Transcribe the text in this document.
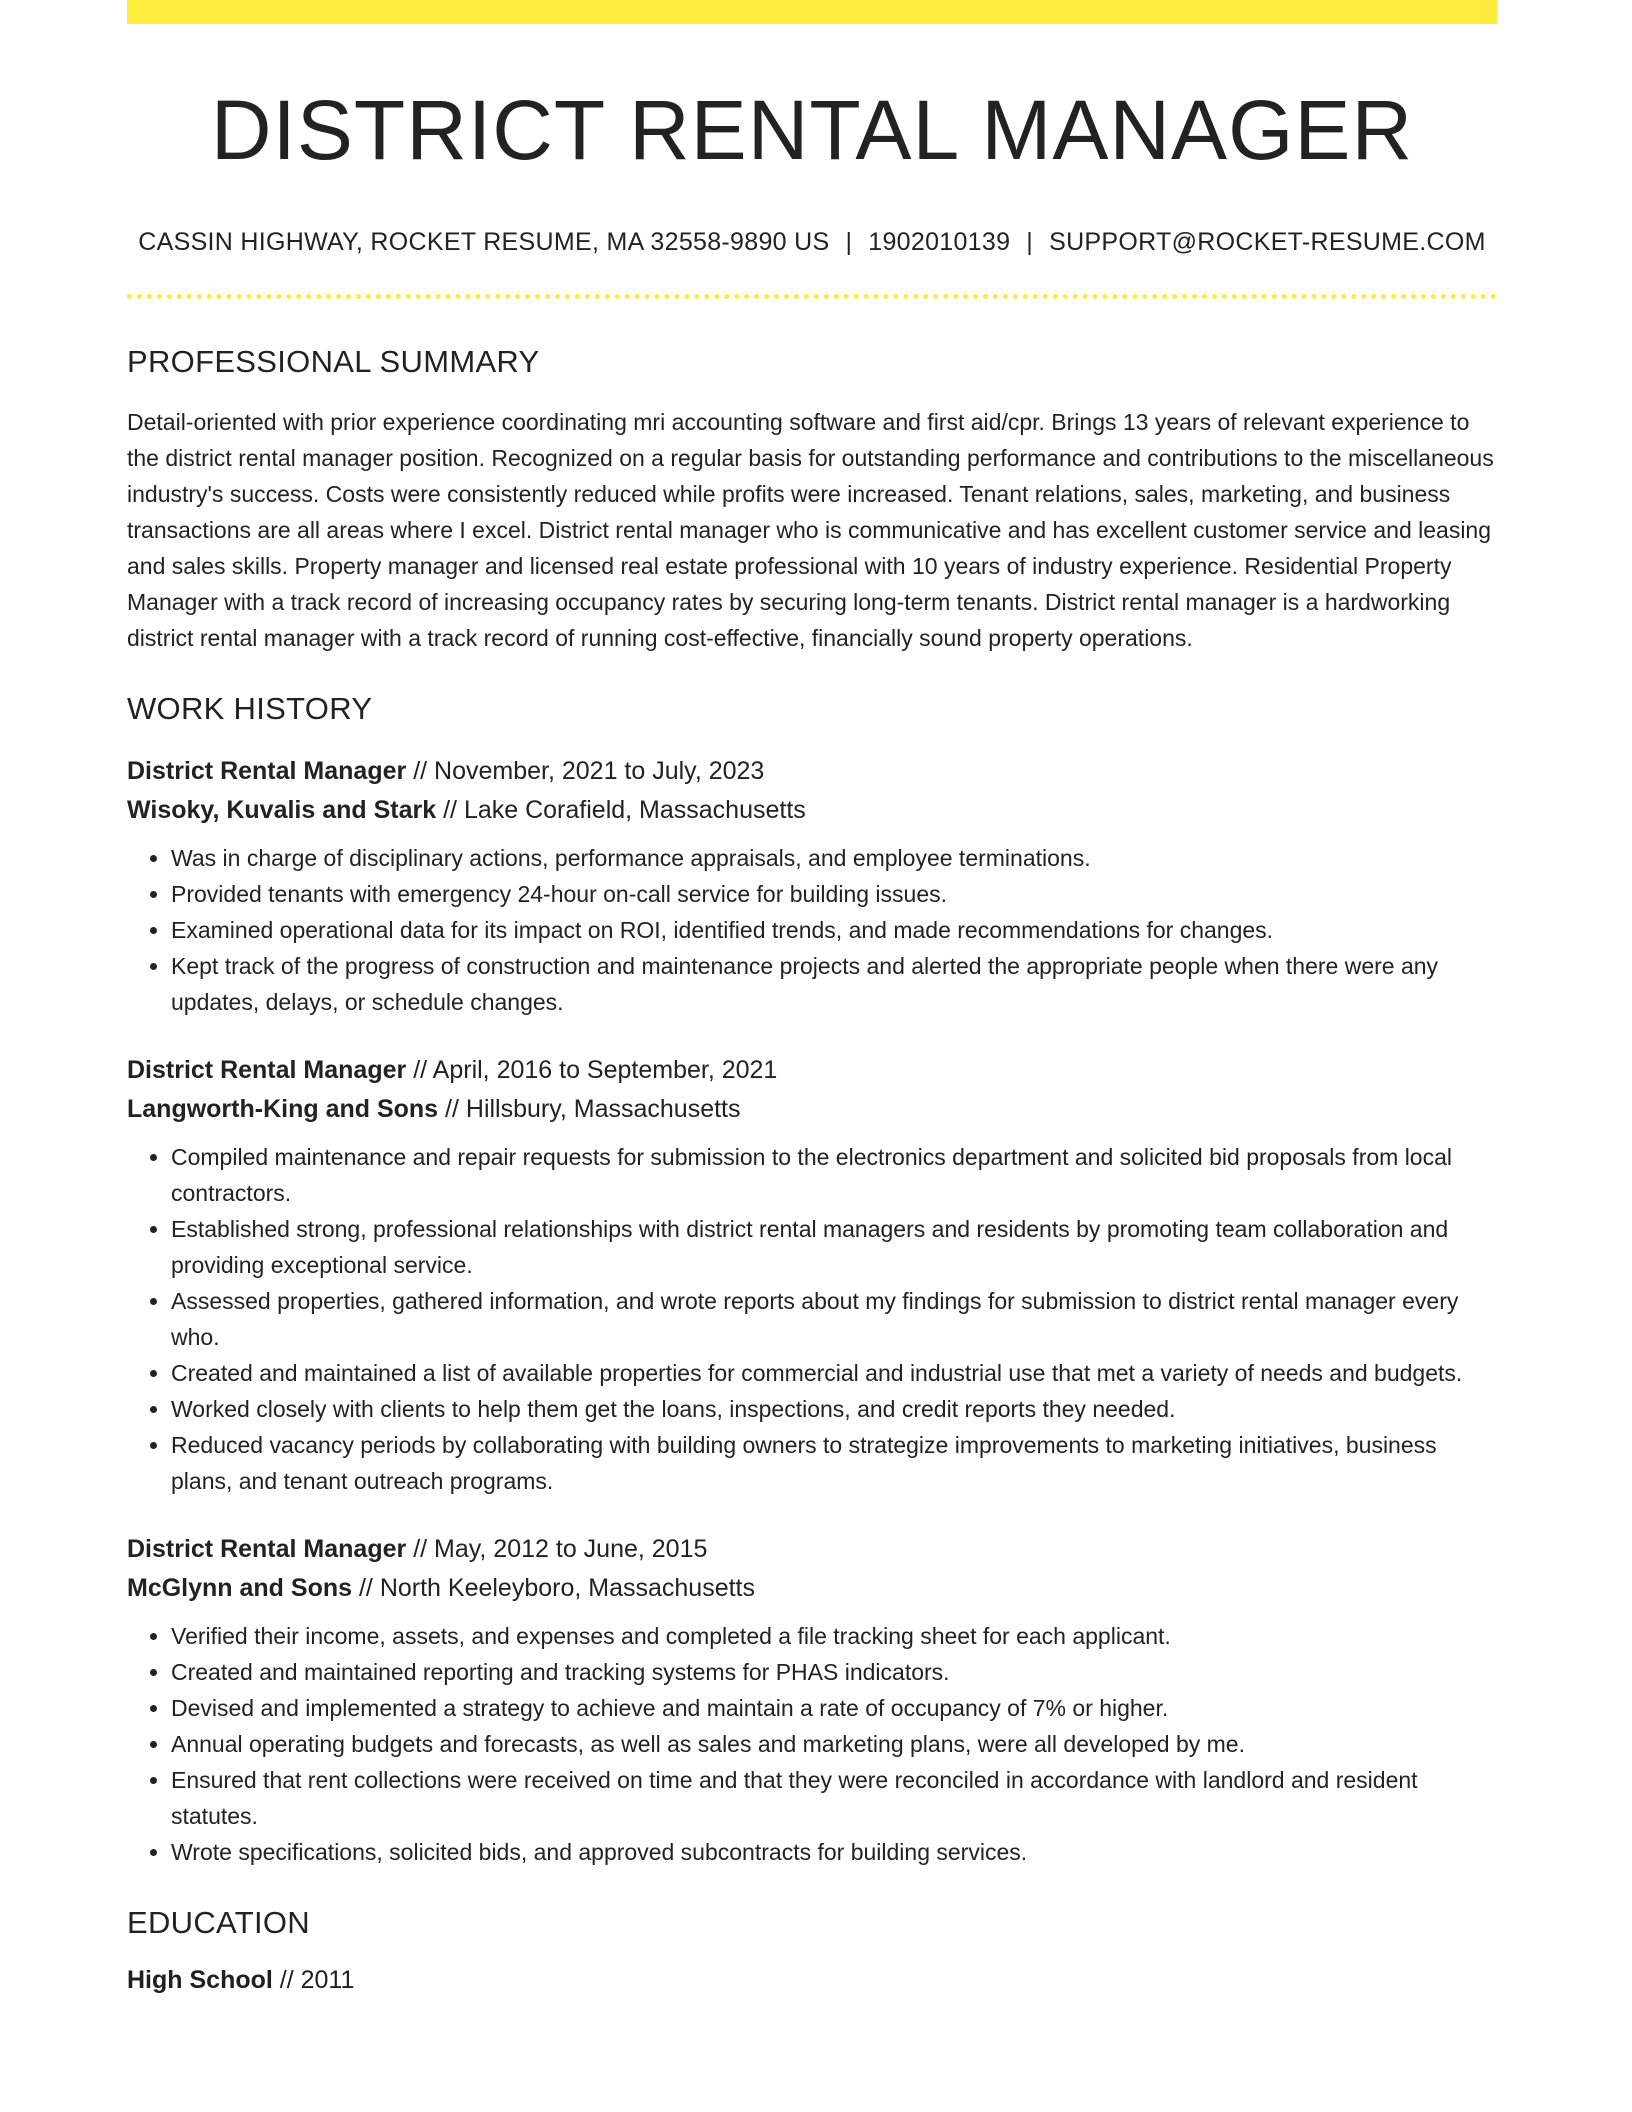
DISTRICT RENTAL MANAGER
CASSIN HIGHWAY, ROCKET RESUME, MA 32558-9890 US | 1902010139 | SUPPORT@ROCKET-RESUME.COM
PROFESSIONAL SUMMARY
Detail-oriented with prior experience coordinating mri accounting software and first aid/cpr. Brings 13 years of relevant experience to the district rental manager position. Recognized on a regular basis for outstanding performance and contributions to the miscellaneous industry's success. Costs were consistently reduced while profits were increased. Tenant relations, sales, marketing, and business transactions are all areas where I excel. District rental manager who is communicative and has excellent customer service and leasing and sales skills. Property manager and licensed real estate professional with 10 years of industry experience. Residential Property Manager with a track record of increasing occupancy rates by securing long-term tenants. District rental manager is a hardworking district rental manager with a track record of running cost-effective, financially sound property operations.
WORK HISTORY
District Rental Manager // November, 2021 to July, 2023
Wisoky, Kuvalis and Stark // Lake Corafield, Massachusetts
• Was in charge of disciplinary actions, performance appraisals, and employee terminations.
• Provided tenants with emergency 24-hour on-call service for building issues.
• Examined operational data for its impact on ROI, identified trends, and made recommendations for changes.
• Kept track of the progress of construction and maintenance projects and alerted the appropriate people when there were any updates, delays, or schedule changes.
District Rental Manager // April, 2016 to September, 2021
Langworth-King and Sons // Hillsbury, Massachusetts
• Compiled maintenance and repair requests for submission to the electronics department and solicited bid proposals from local contractors.
• Established strong, professional relationships with district rental managers and residents by promoting team collaboration and providing exceptional service.
• Assessed properties, gathered information, and wrote reports about my findings for submission to district rental manager every who.
• Created and maintained a list of available properties for commercial and industrial use that met a variety of needs and budgets.
• Worked closely with clients to help them get the loans, inspections, and credit reports they needed.
• Reduced vacancy periods by collaborating with building owners to strategize improvements to marketing initiatives, business plans, and tenant outreach programs.
District Rental Manager // May, 2012 to June, 2015
McGlynn and Sons // North Keeleyboro, Massachusetts
• Verified their income, assets, and expenses and completed a file tracking sheet for each applicant.
• Created and maintained reporting and tracking systems for PHAS indicators.
• Devised and implemented a strategy to achieve and maintain a rate of occupancy of 7% or higher.
• Annual operating budgets and forecasts, as well as sales and marketing plans, were all developed by me.
• Ensured that rent collections were received on time and that they were reconciled in accordance with landlord and resident statutes.
• Wrote specifications, solicited bids, and approved subcontracts for building services.
EDUCATION
High School // 2011
